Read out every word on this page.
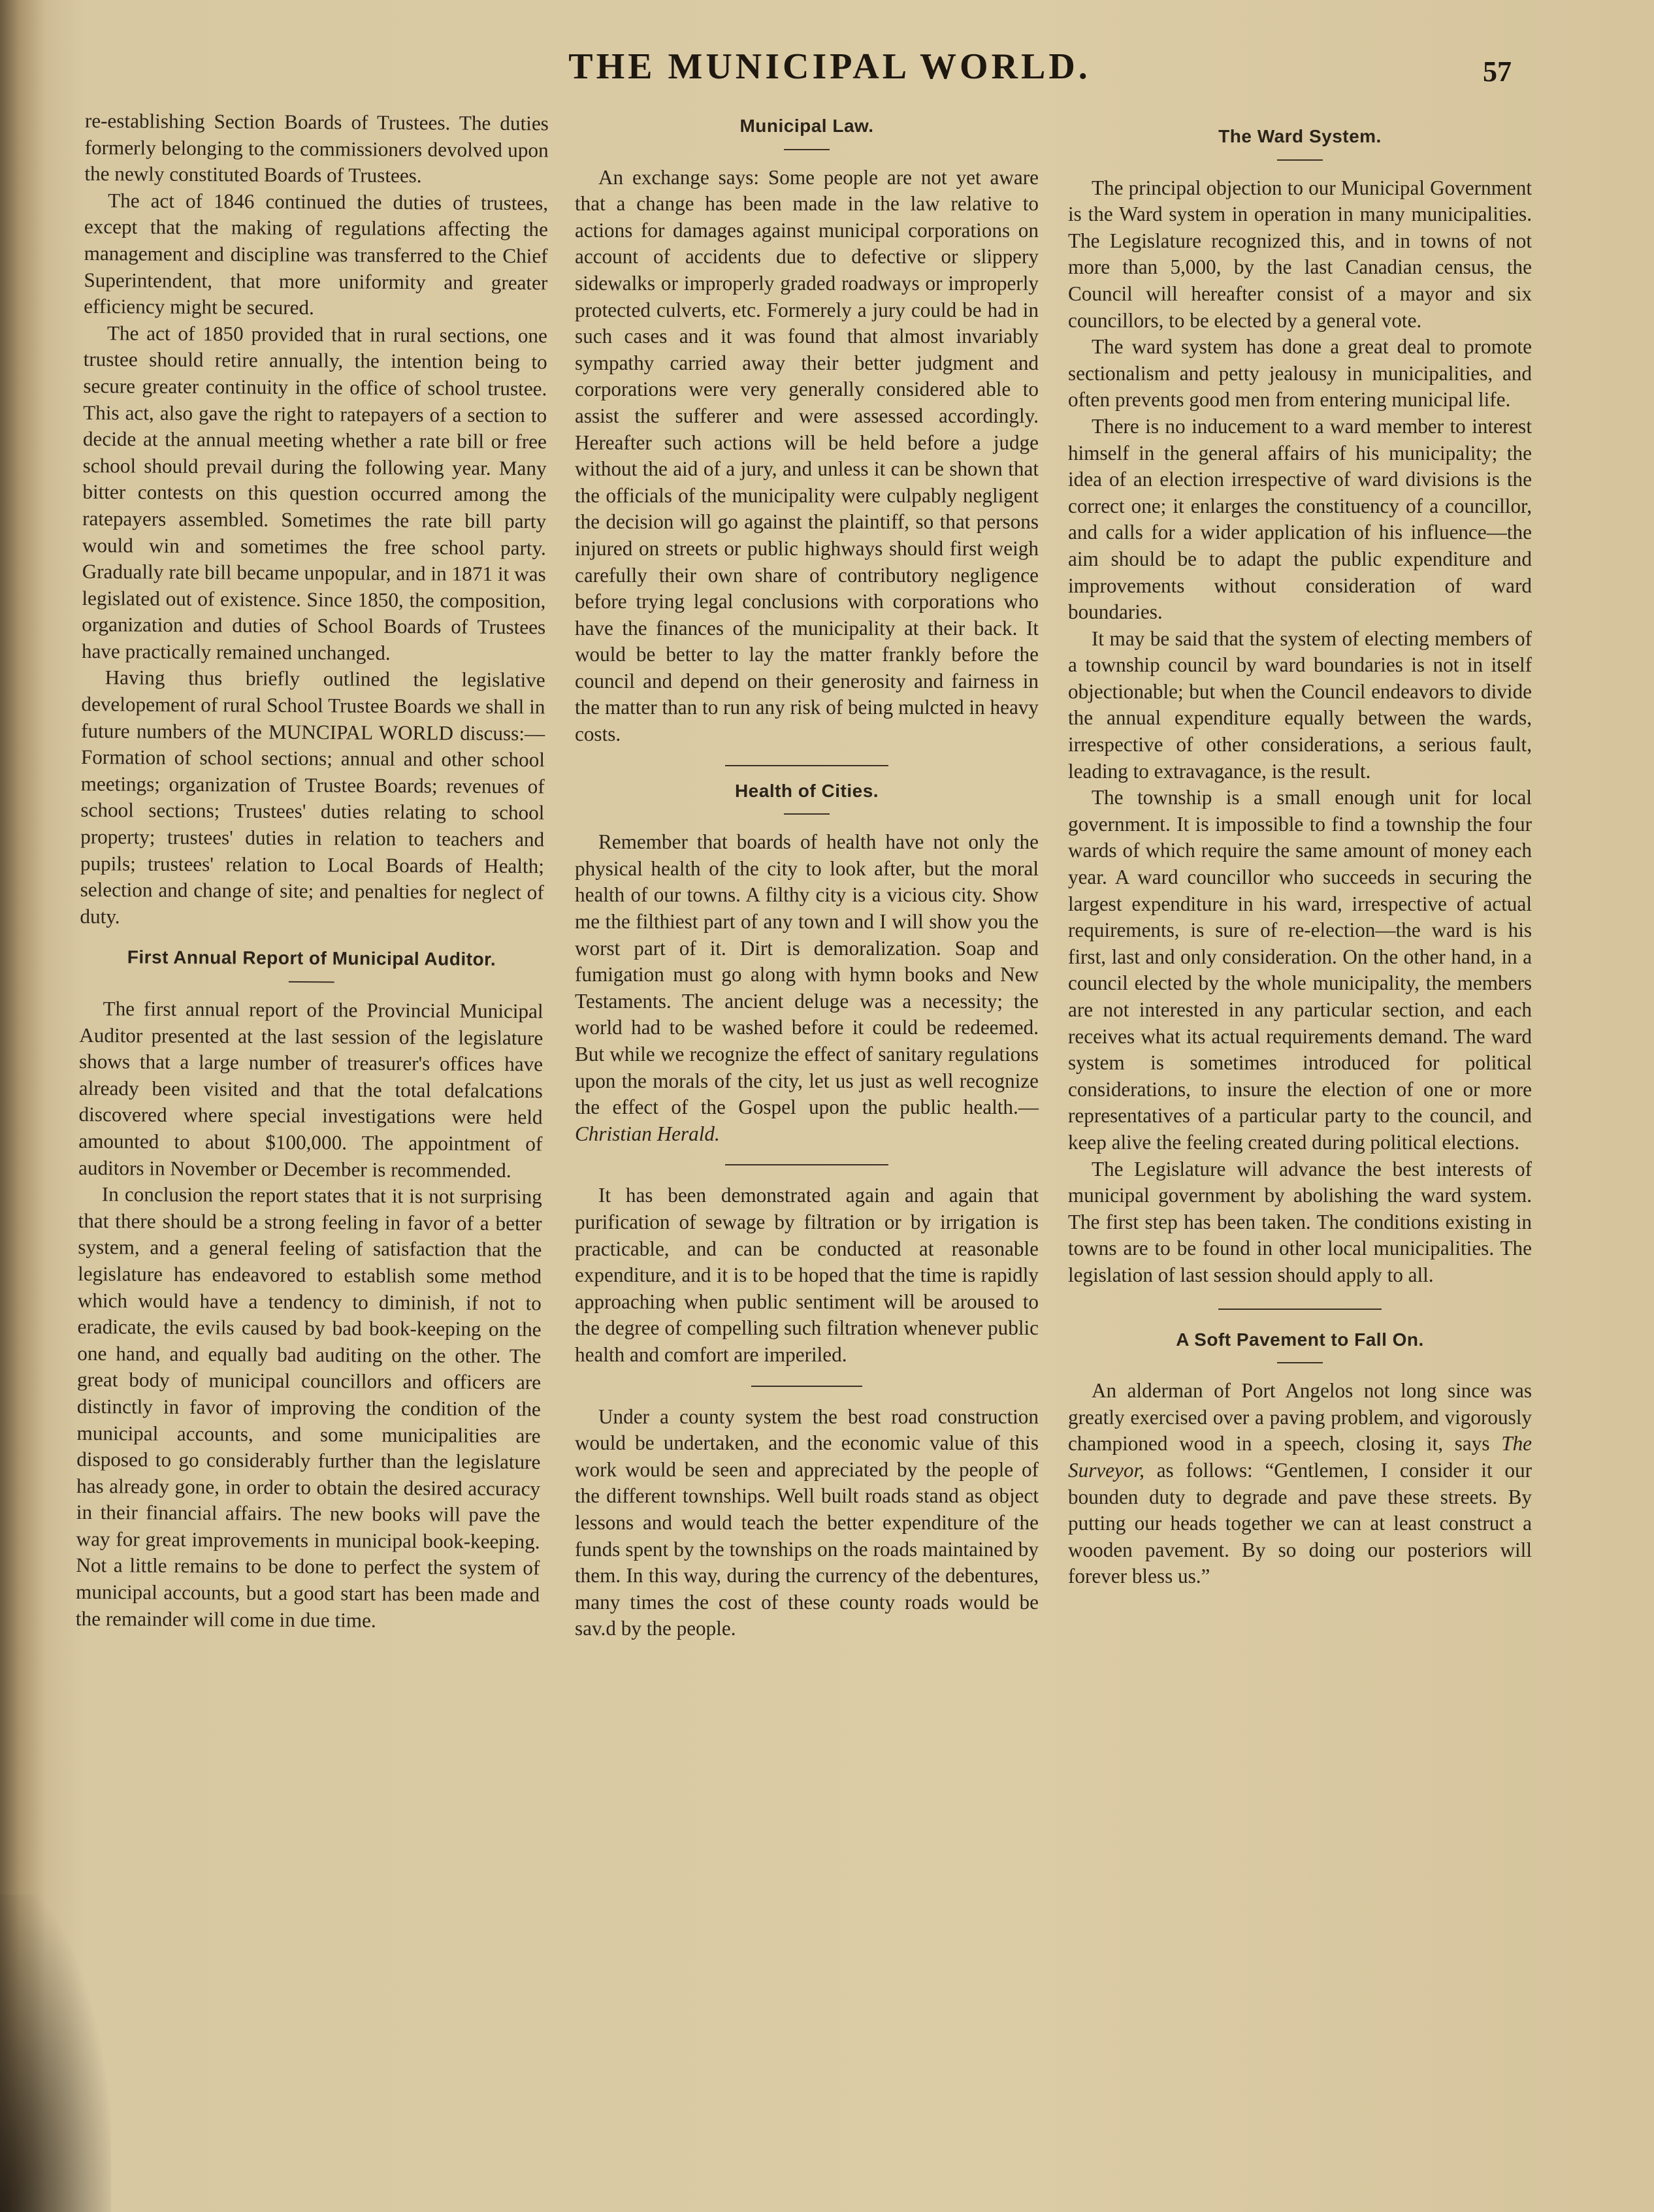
THE MUNICIPAL WORLD.	57

re-establishing Section Boards of Trustees. The duties formerly belonging to the commissioners devolved upon the newly constituted Boards of Trustees.

The act of 1846 continued the duties of trustees, except that the making of regulations affecting the management and discipline was transferred to the Chief Superintendent, that more uniformity and greater efficiency might be secured.

The act of 1850 provided that in rural sections, one trustee should retire annually, the intention being to secure greater continuity in the office of school trustee. This act, also gave the right to ratepayers of a section to decide at the annual meeting whether a rate bill or free school should prevail during the following year. Many bitter contests on this question occurred among the ratepayers assembled. Sometimes the rate bill party would win and sometimes the free school party. Gradually rate bill became unpopular, and in 1871 it was legislated out of existence. Since 1850, the composition, organization and duties of School Boards of Trustees have practically remained unchanged.

Having thus briefly outlined the legislative developement of rural School Trustee Boards we shall in future numbers of the MUNCIPAL WORLD discuss:—Formation of school sections; annual and other school meetings; organization of Trustee Boards; revenues of school sections; Trustees' duties relating to school property; trustees' duties in relation to teachers and pupils; trustees' relation to Local Boards of Health; selection and change of site; and penalties for neglect of duty.

First Annual Report of Municipal Auditor.

The first annual report of the Provincial Municipal Auditor presented at the last session of the legislature shows that a large number of treasurer's offices have already been visited and that the total defalcations discovered where special investigations were held amounted to about $100,000. The appointment of auditors in November or December is recommended.

In conclusion the report states that it is not surprising that there should be a strong feeling in favor of a better system, and a general feeling of satisfaction that the legislature has endeavored to establish some method which would have a tendency to diminish, if not to eradicate, the evils caused by bad book-keeping on the one hand, and equally bad auditing on the other. The great body of municipal councillors and officers are distinctly in favor of improving the condition of the municipal accounts, and some municipalities are disposed to go considerably further than the legislature has already gone, in order to obtain the desired accuracy in their financial affairs. The new books will pave the way for great improvements in municipal book-keeping. Not a little remains to be done to perfect the system of municipal accounts, but a good start has been made and the remainder will come in due time.

Municipal Law.

An exchange says: Some people are not yet aware that a change has been made in the law relative to actions for damages against municipal corporations on account of accidents due to defective or slippery sidewalks or improperly graded roadways or improperly protected culverts, etc. Formerely a jury could be had in such cases and it was found that almost invariably sympathy carried away their better judgment and corporations were very generally considered able to assist the sufferer and were assessed accordingly. Hereafter such actions will be held before a judge without the aid of a jury, and unless it can be shown that the officials of the municipality were culpably negligent the decision will go against the plaintiff, so that persons injured on streets or public highways should first weigh carefully their own share of contributory negligence before trying legal conclusions with corporations who have the finances of the municipality at their back. It would be better to lay the matter frankly before the council and depend on their generosity and fairness in the matter than to run any risk of being mulcted in heavy costs.

Health of Cities.

Remember that boards of health have not only the physical health of the city to look after, but the moral health of our towns. A filthy city is a vicious city. Show me the filthiest part of any town and I will show you the worst part of it. Dirt is demoralization. Soap and fumigation must go along with hymn books and New Testaments. The ancient deluge was a necessity; the world had to be washed before it could be redeemed. But while we recognize the effect of sanitary regulations upon the morals of the city, let us just as well recognize the effect of the Gospel upon the public health.—Christian Herald.

It has been demonstrated again and again that purification of sewage by filtration or by irrigation is practicable, and can be conducted at reasonable expenditure, and it is to be hoped that the time is rapidly approaching when public sentiment will be aroused to the degree of compelling such filtration whenever public health and comfort are imperiled.

Under a county system the best road construction would be undertaken, and the economic value of this work would be seen and appreciated by the people of the different townships. Well built roads stand as object lessons and would teach the better expenditure of the funds spent by the townships on the roads maintained by them. In this way, during the currency of the debentures, many times the cost of these county roads would be sav.d by the people.

The Ward System.

The principal objection to our Municipal Government is the Ward system in operation in many municipalities. The Legislature recognized this, and in towns of not more than 5,000, by the last Canadian census, the Council will hereafter consist of a mayor and six councillors, to be elected by a general vote.

The ward system has done a great deal to promote sectionalism and petty jealousy in municipalities, and often prevents good men from entering municipal life.

There is no inducement to a ward member to interest himself in the general affairs of his municipality; the idea of an election irrespective of ward divisions is the correct one; it enlarges the constituency of a councillor, and calls for a wider application of his influence—the aim should be to adapt the public expenditure and improvements without consideration of ward boundaries.

It may be said that the system of electing members of a township council by ward boundaries is not in itself objectionable; but when the Council endeavors to divide the annual expenditure equally between the wards, irrespective of other considerations, a serious fault, leading to extravagance, is the result.

The township is a small enough unit for local government. It is impossible to find a township the four wards of which require the same amount of money each year. A ward councillor who succeeds in securing the largest expenditure in his ward, irrespective of actual requirements, is sure of re-election—the ward is his first, last and only consideration. On the other hand, in a council elected by the whole municipality, the members are not interested in any particular section, and each receives what its actual requirements demand. The ward system is sometimes introduced for political considerations, to insure the election of one or more representatives of a particular party to the council, and keep alive the feeling created during political elections.

The Legislature will advance the best interests of municipal government by abolishing the ward system. The first step has been taken. The conditions existing in towns are to be found in other local municipalities. The legislation of last session should apply to all.

A Soft Pavement to Fall On.

An alderman of Port Angelos not long since was greatly exercised over a paving problem, and vigorously championed wood in a speech, closing it, says The Surveyor, as follows: “Gentlemen, I consider it our bounden duty to degrade and pave these streets. By putting our heads together we can at least construct a wooden pavement. By so doing our posteriors will forever bless us.”
